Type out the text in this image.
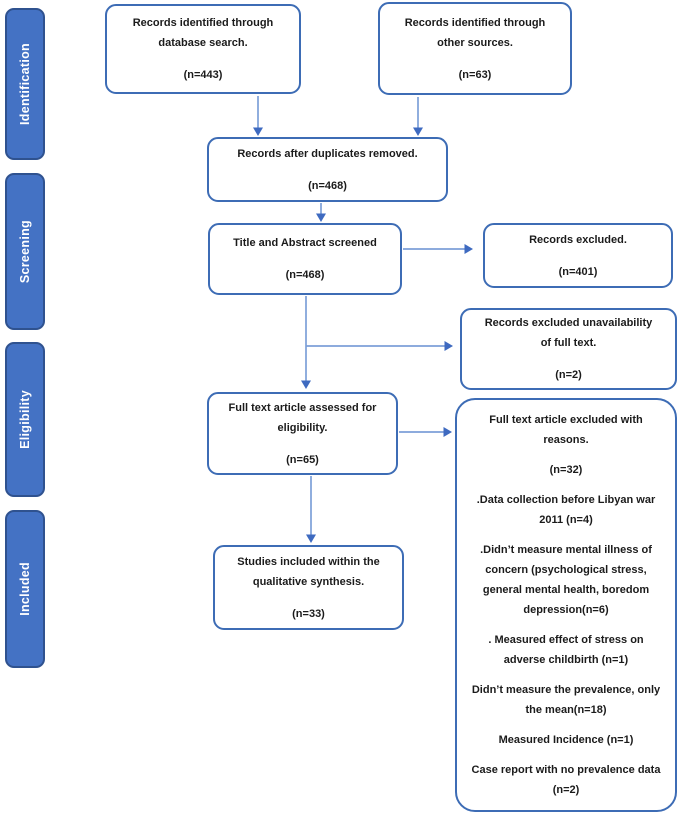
Identification
Screening
Eligibility
Included
Records identified through
database search.
(n=443)
Records identified through
other sources.
(n=63)
Records after duplicates removed.
(n=468)
Title and Abstract screened
(n=468)
Records excluded.
(n=401)
Records excluded unavailability
of full text.
(n=2)
Full text article assessed for
eligibility.
(n=65)
Studies included within the
qualitative synthesis.
(n=33)
Full text article excluded with reasons.
(n=32)
.Data collection before Libyan war 2011 (n=4)
.Didn’t measure mental illness of concern (psychological stress, general mental health, boredom depression(n=6)
. Measured effect of stress on adverse childbirth (n=1)
Didn’t measure the prevalence, only the mean(n=18)
Measured Incidence (n=1)
Case report with no prevalence data (n=2)
